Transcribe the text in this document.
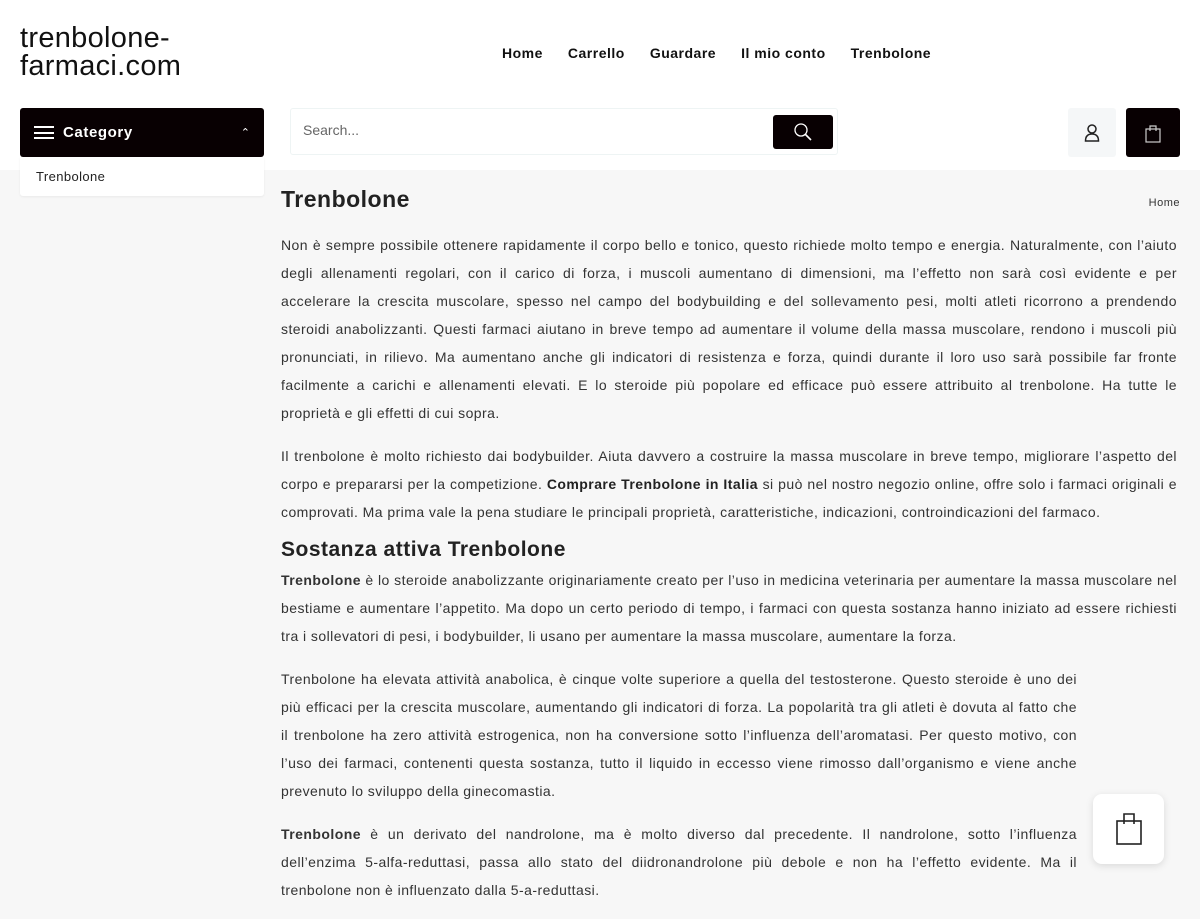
trenbolone-
farmaci.com	Home Carrello Guardare Il mio conto Trenbolone
Category	⌃
Search...
Trenbolone
Trenbolone	Home

Non è sempre possibile ottenere rapidamente il corpo bello e tonico, questo richiede molto tempo e energia. Naturalmente, con l’aiuto degli allenamenti regolari, con il carico di forza, i muscoli aumentano di dimensioni, ma l’effetto non sarà così evidente e per accelerare la crescita muscolare, spesso nel campo del bodybuilding e del sollevamento pesi, molti atleti ricorrono a prendendo steroidi anabolizzanti. Questi farmaci aiutano in breve tempo ad aumentare il volume della massa muscolare, rendono i muscoli più pronunciati, in rilievo. Ma aumentano anche gli indicatori di resistenza e forza, quindi durante il loro uso sarà possibile far fronte facilmente a carichi e allenamenti elevati. E lo steroide più popolare ed efficace può essere attribuito al trenbolone. Ha tutte le proprietà e gli effetti di cui sopra.

Il trenbolone è molto richiesto dai bodybuilder. Aiuta davvero a costruire la massa muscolare in breve tempo, migliorare l’aspetto del corpo e prepararsi per la competizione. Comprare Trenbolone in Italia si può nel nostro negozio online, offre solo i farmaci originali e comprovati. Ma prima vale la pena studiare le principali proprietà, caratteristiche, indicazioni, controindicazioni del farmaco.

Sostanza attiva Trenbolone

Trenbolone è lo steroide anabolizzante originariamente creato per l’uso in medicina veterinaria per aumentare la massa muscolare nel bestiame e aumentare l’appetito. Ma dopo un certo periodo di tempo, i farmaci con questa sostanza hanno iniziato ad essere richiesti tra i sollevatori di pesi, i bodybuilder, li usano per aumentare la massa muscolare, aumentare la forza.

Trenbolone ha elevata attività anabolica, è cinque volte superiore a quella del testosterone. Questo steroide è uno dei più efficaci per la crescita muscolare, aumentando gli indicatori di forza. La popolarità tra gli atleti è dovuta al fatto che il trenbolone ha zero attività estrogenica, non ha conversione sotto l’influenza dell’aromatasi. Per questo motivo, con l’uso dei farmaci, contenenti questa sostanza, tutto il liquido in eccesso viene rimosso dall’organismo e viene anche prevenuto lo sviluppo della ginecomastia.

Trenbolone è un derivato del nandrolone, ma è molto diverso dal precedente. Il nandrolone, sotto l’influenza dell’enzima 5-alfa-reduttasi, passa allo stato del diidronandrolone più debole e non ha l’effetto evidente. Ma il trenbolone non è influenzato dalla 5-a-reduttasi.
